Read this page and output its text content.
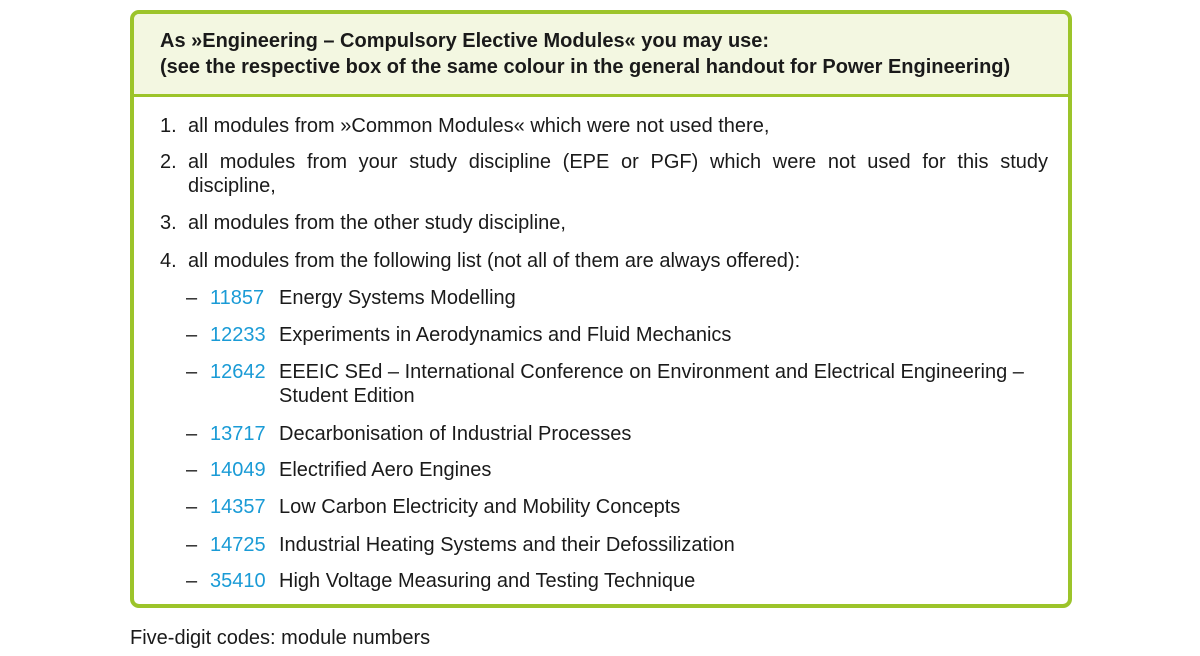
As »Engineering – Compulsory Elective Modules« you may use:
(see the respective box of the same colour in the general handout for Power Engineering)
1. all modules from »Common Modules« which were not used there,
2. all modules from your study discipline (EPE or PGF) which were not used for this study discipline,
3. all modules from the other study discipline,
4. all modules from the following list (not all of them are always offered):
– 11857 Energy Systems Modelling
– 12233 Experiments in Aerodynamics and Fluid Mechanics
– 12642 EEEIC SEd – International Conference on Environment and Electrical Engineering – Student Edition
– 13717 Decarbonisation of Industrial Processes
– 14049 Electrified Aero Engines
– 14357 Low Carbon Electricity and Mobility Concepts
– 14725 Industrial Heating Systems and their Defossilization
– 35410 High Voltage Measuring and Testing Technique
Five-digit codes: module numbers
